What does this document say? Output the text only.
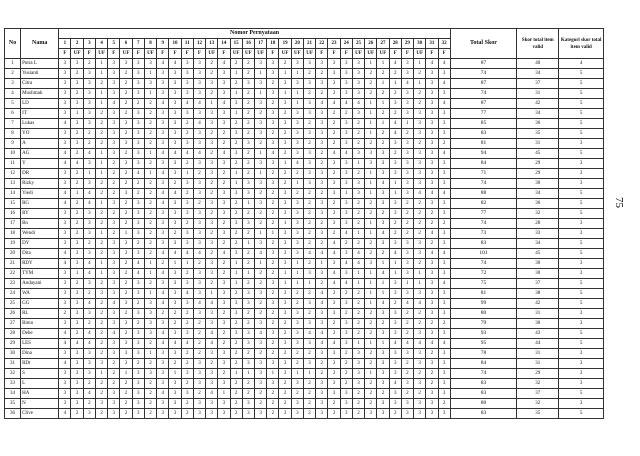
No	Nama	Nomor Pernyataan																																Total Skor	Skor total item valid	Kategori skor total item valid
		1	2	3	4	5	6	7	8	9	10	11	12	13	14	15	16	17	18	19	20	21	22	23	24	25	26	27	28	29	30	31	32			
		F	UF	F	UF	F	UF	F	UF	F	F	F	F	UF	F	UF	UF	UF	F	UF	UF	UF	F	F	F	UF	UF	UF	F	F	UF	F	F			
1	Putra L	3	3	2	1	3	3	3	3	4	4	3	3	2	4	2	2	3	3	2	3	3	3	3	3	3	1	1	4	3	1	4	4	87	40	4
2	Yusianti	3	2	3	1	3	2	3	1	3	3	3	3	2	3	1	2	1	3	1	1	2	2	3	3	3	2	2	2	3	2	3	3	74	34	5
3	Citra	3	3	3	2	3	2	3	3	3	3	3	3	3	3	2	3	3	2	3	3	3	3	3	3	3	2	1	1	4	1	3	4	87	37	5
4	Muslimah	3	2	3	1	3	2	3	1	3	3	3	3	2	3	1	2	1	3	1	1	2	2	3	3	3	2	2	2	3	2	3	3	74	31	5
5	LD	3	3	3	1	4	2	2	2	4	3	4	4	1	4	3	2	3	2	3	1	3	4	4	4	4	1	1	3	3	2	3	4	87	42	5
6	IT	3	1	3	2	3	2	3	2	3	3	3	3	3	3	1	2	2	3	2	3	3	3	2	2	3	1	2	2	3	3	3	3	77	34	5
7	Lukas	4	3	3	2	3	3	3	2	3	3	2	4	3	3	2	2	3	3	3	3	2	3	2	3	2	1	1	4	1	3	3	3	85	36	5
8	YO	3	2	2	2	3	2	3	2	3	3	2	3	2	2	3	2	3	2	2	3	3	3	2	3	2	1	2	4	2	3	3	3	83	35	5
9	A	3	3	2	2	3	3	3	2	3	3	3	3	3	2	2	3	2	3	3	3	2	3	2	3	2	2	2	3	3	2	3	2	81	31	3
10	AG	4	2	4	1	3	2	3	1	4	4	4	4	2	4	3	2	1	4	2	3	3	2	4	4	3	3	3	2	3	3	3	4	94	45	5
11	Y	4	4	3	1	2	3	3	2	3	3	2	3	3	3	2	2	3	3	1	4	3	2	3	3	1	3	3	3	3	3	3	3	84	29	3
12	DR	3	2	1	1	2	2	4	1	4	3	1	2	3	2	1	2	1	2	2	2	3	3	2	3	2	1	3	3	3	3	3	3	71	29	3
13	Rizky	3	2	3	2	2	2	2	2	3	2	3	3	2	2	1	3	3	3	2	1	3	3	3	3	3	1	4	1	3	3	3	3	74	30	3
14	Yiedi	4	1	4	2	2	3	2	2	4	4	2	3	2	3	3	3	2	2	3	2	2	2	3	1	3	1	3	1	3	4	4	4	88	34	5
15	RG	4	2	4	1	3	2	3	2	4	3	3	2	3	3	2	1	3	2	3	3	2	3	2	3	2	2	3	3	2	2	3	3	82	36	5
16	RY	3	2	3	2	2	2	3	2	3	3	3	3	2	3	2	2	2	2	3	3	2	3	3	3	2	2	2	3	2	2	2	3	77	32	5
17	Bn	3	2	3	2	3	2	3	2	3	3	2	3	3	2	3	3	2	2	1	3	2	2	3	3	2	1	3	2	2	2	2	2	74	28	3
18	Wendi	3	2	3	1	2	1	3	2	3	2	3	3	2	3	2	2	1	1	3	3	2	3	2	4	1	1	4	2	2	2	4	3	73	33	3
19	DY	3	3	2	2	3	3	2	2	3	3	3	3	3	2	2	1	3	2	3	3	2	2	4	2	2	2	3	3	3	3	2	3	83	34	5
20	Dita	4	3	3	2	3	3	3	2	4	4	4	4	2	4	3	2	4	3	3	3	4	4	4	3	4	2	2	4	3	3	4	4	101	45	5
21	RDY	4	3	4	1	3	2	4	1	2	1	1	2	3	2	1	2	1	2	3	1	2	1	3	4	4	3	1	1	3	2	3	3	74	30	3
22	TYM	3	1	4	1	3	2	4	1	4	3	2	3	3	2	1	1	2	2	1	1	3	3	4	3	1	1	4	1	3	1	3	3	72	30	3
23	Andayani	3	2	3	2	3	2	3	2	3	3	3	3	2	3	1	2	2	3	1	1	1	2	4	4	1	1	1	3	1	1	3	4	75	37	5
24	WA	3	3	2	3	3	2	3	1	4	3	4	3	1	3	2	3	3	2	3	2	2	4	3	2	2	1	1	3	3	3	3	3	81	38	5
25	GG	3	3	4	2	4	3	2	3	4	3	3	4	4	3	3	3	2	3	3	2	3	4	3	3	2	1	4	2	4	4	3	3	99	42	5
26	RL	2	3	3	2	3	2	3	3	2	2	2	3	3	2	3	2	2	2	3	3	2	3	3	2	2	2	3	3	2	2	3	3	80	31	3
27	Bimo	3	3	2	2	3	3	2	3	3	2	2	2	3	3	2	2	3	2	2	3	3	3	2	3	2	2	2	3	2	2	2	2	79	30	3
28	Debe	4	2	4	2	4	2	3	3	4	3	3	2	4	2	3	3	4	3	2	3	4	4	3	3	2	2	3	3	2	3	3	3	93	43	5
29	LES	4	4	4	2	3	3	3	2	4	4	4	2	4	2	2	3	3	2	3	3	3	4	4	3	1	1	1	4	4	4	4	4	95	44	5
30	Dina	3	3	3	2	3	3	3	1	3	3	2	2	3	3	2	2	2	2	2	2	2	3	3	2	3	2	3	3	3	3	2	3	78	31	3
31	RDt	4	3	3	3	2	3	2	2	3	2	2	3	2	3	2	3	3	3	3	2	3	2	3	2	3	2	3	3	2	3	3	3	84	31	3
32	S	3	3	3	1	2	1	3	3	3	1	3	3	3	2	1	1	3	1	3	1	1	2	3	2	3	1	3	3	2	2	2	3	74	29	3
33	L	3	3	2	2	2	2	3	2	3	3	2	3	3	3	2	2	3	3	2	3	2	3	3	2	3	2	3	4	3	3	2	3	83	32	3
34	HA	3	3	4	2	3	2	3	2	4	3	3	2	4	1	2	2	2	2	2	2	2	3	3	3	2	2	2	3	2	2	3	3	83	37	5
35	N	3	3	2	3	3	2	3	2	3	3	2	3	3	3	2	3	2	2	2	3	2	3	2	3	2	2	3	3	3	3	3	2	80	32	3
36	Clive	4	2	3	2	3	2	3	2	3	3	2	3	3	3	2	3	3	2	3	3	2	3	3	3	2	3	3	2	3	3	3	3	83	35	5
75
